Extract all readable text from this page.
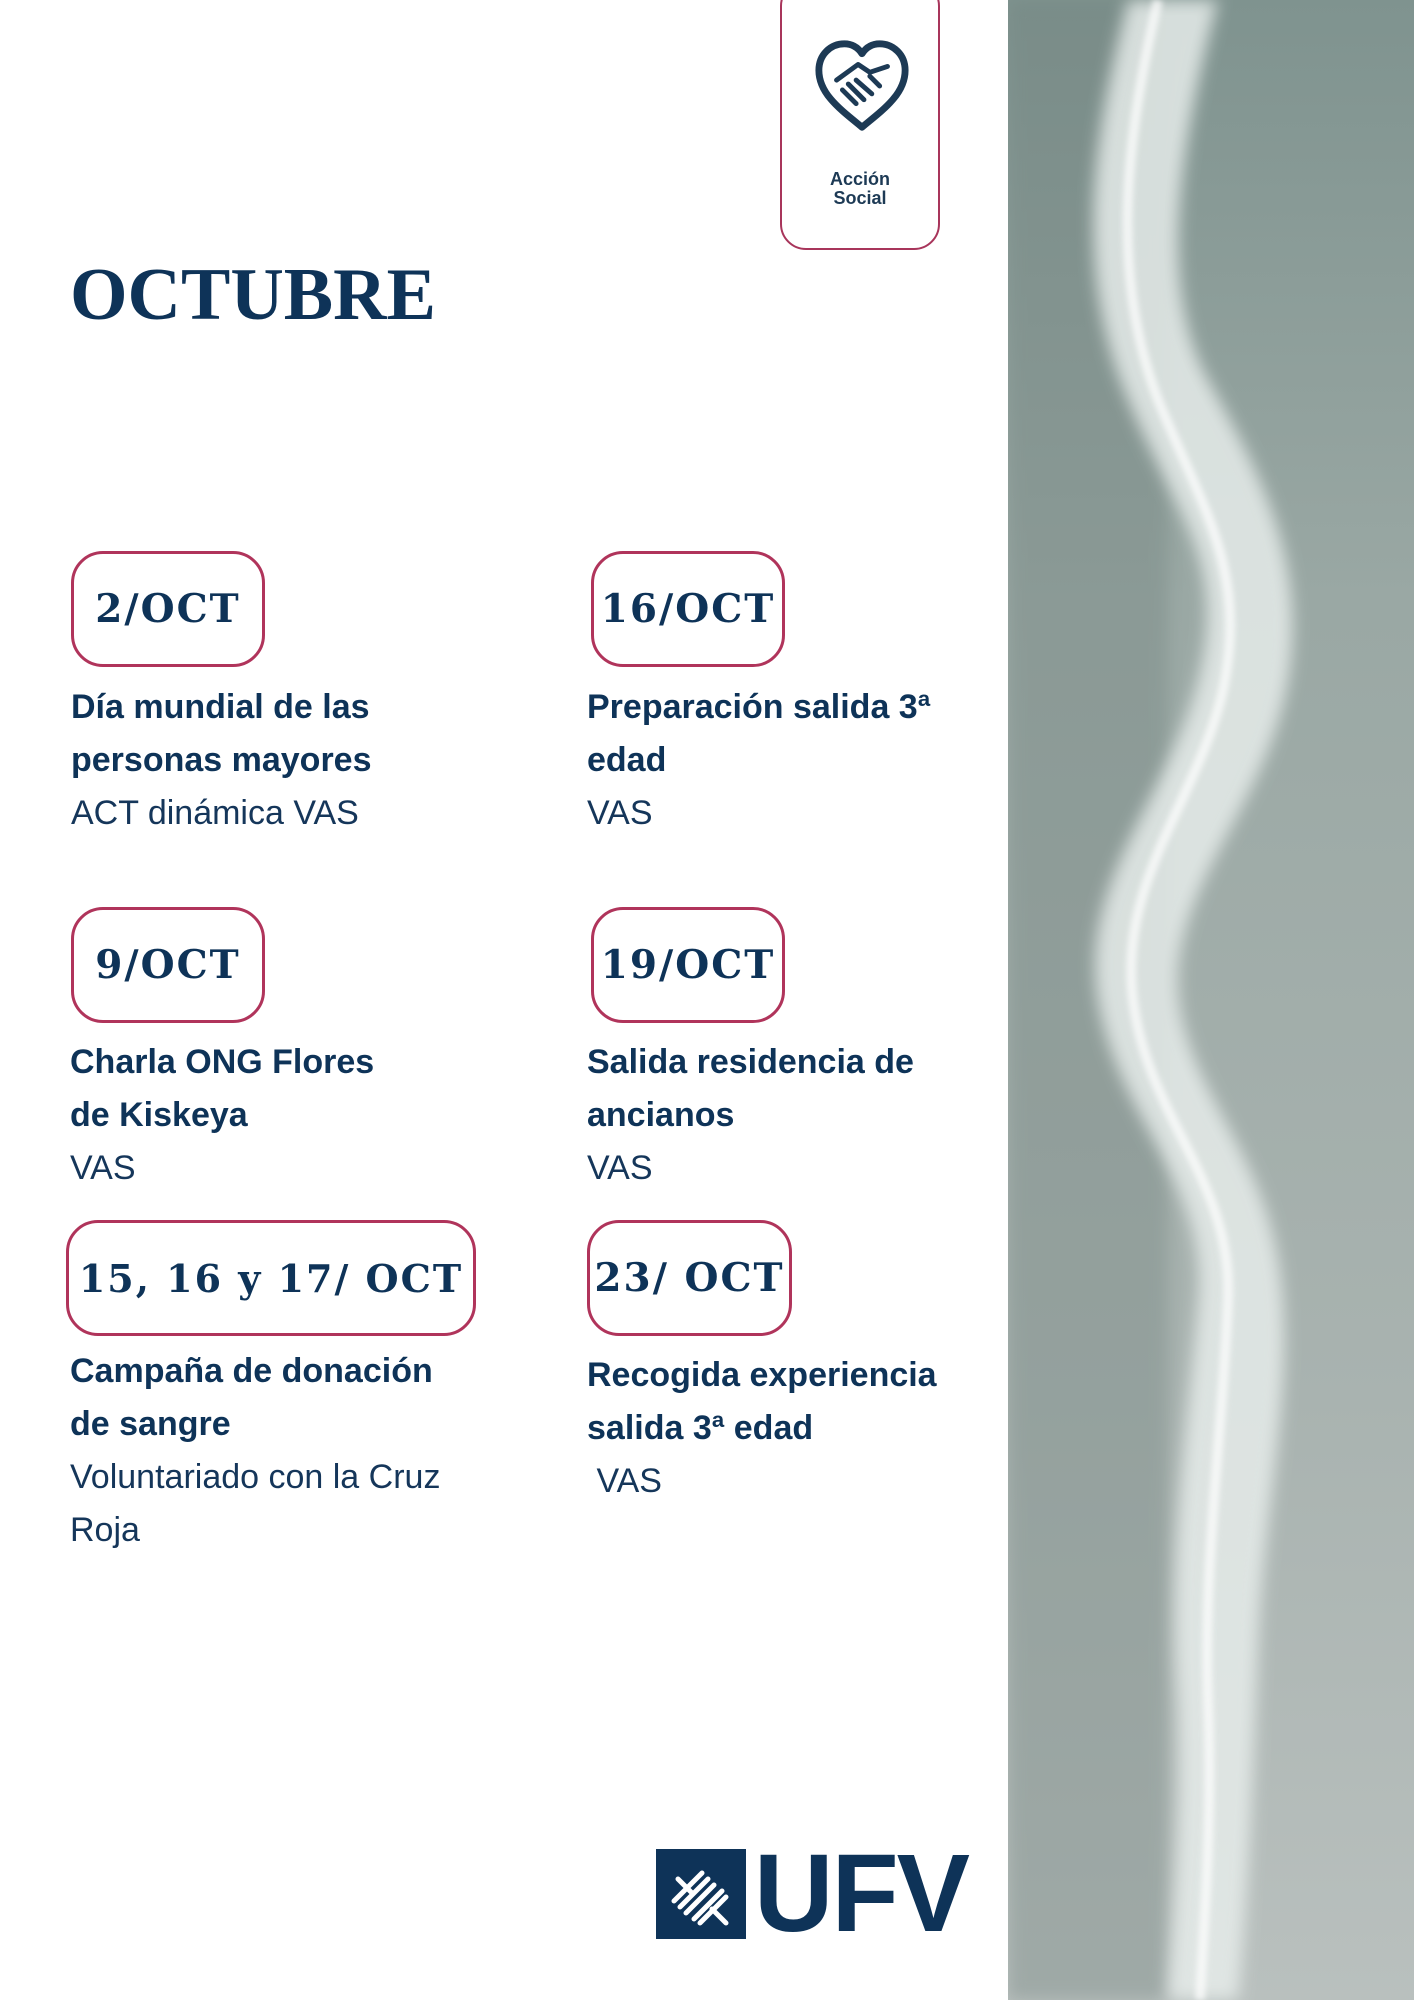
Acción
Social
OCTUBRE
2/OCT

Día mundial de las
personas mayores

ACT dinámica VAS

16/OCT

Preparación salida 3ª
edad

VAS

9/OCT

Charla ONG Flores
de Kiskeya

VAS

19/OCT

Salida residencia de
ancianos

VAS

15, 16 y 17/ OCT

Campaña de donación
de sangre

Voluntariado con la Cruz
Roja

23/ OCT

Recogida experiencia
salida 3ª edad

VAS

UFV
